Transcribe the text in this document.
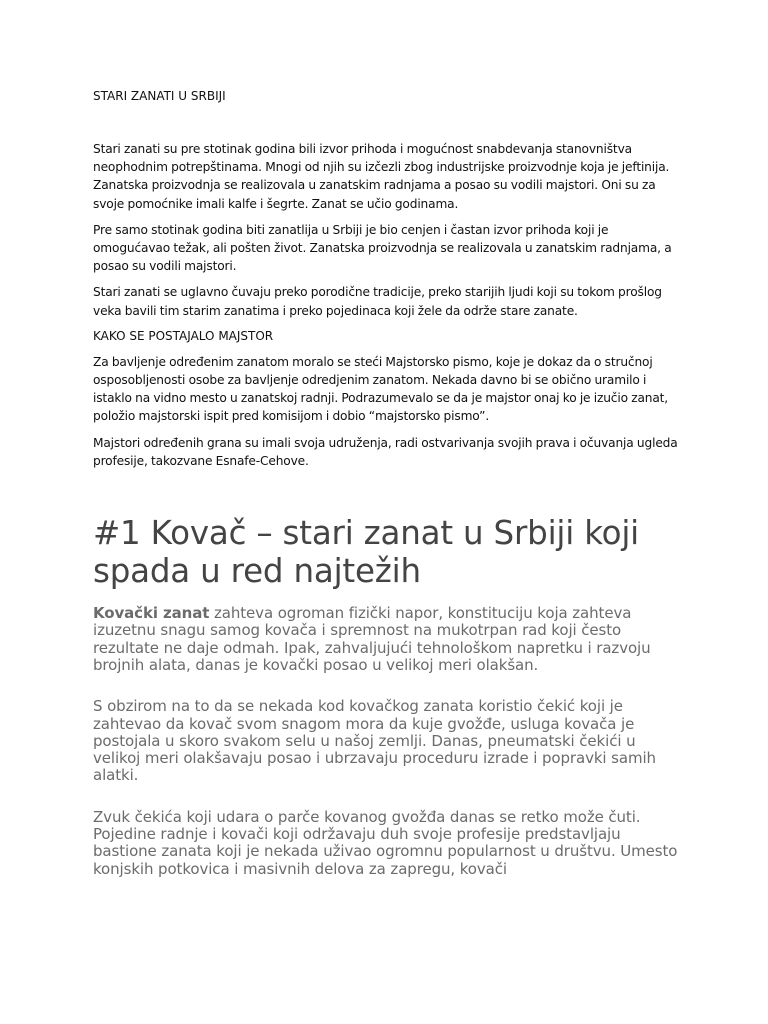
STARI ZANATI U SRBIJI

Stari zanati su pre stotinak godina bili izvor prihoda i mogućnost snabdevanja stanovništva neophodnim potrepštinama. Mnogi od njih su izčezli zbog industrijske proizvodnje koja je jeftinija. Zanatska proizvodnja se realizovala u zanatskim radnjama a posao su vodili majstori. Oni su za svoje pomoćnike imali kalfe i šegrte. Zanat se učio godinama.

Pre samo stotinak godina biti zanatlija u Srbiji je bio cenjen i častan izvor prihoda koji je omogućavao težak, ali pošten život. Zanatska proizvodnja se realizovala u zanatskim radnjama, a posao su vodili majstori.

Stari zanati se uglavno čuvaju preko porodične tradicije, preko starijih ljudi koji su tokom prošlog veka bavili tim starim zanatima i preko pojedinaca koji žele da održe stare zanate.

KAKO SE POSTAJALO MAJSTOR

Za bavljenje određenim zanatom moralo se steći Majstorsko pismo, koje je dokaz da o stručnoj osposobljenosti osobe za bavljenje odredjenim zanatom. Nekada davno bi se obično uramilo i istaklo na vidno mesto u zanatskoj radnji. Podrazumevalo se da je majstor onaj ko je izučio zanat, položio majstorski ispit pred komisijom i dobio “majstorsko pismo”.

Majstori određenih grana su imali svoja udruženja, radi ostvarivanja svojih prava i očuvanja ugleda profesije, takozvane Esnafe-Cehove.

#1 Kovač – stari zanat u Srbiji koji spada u red najtežih

Kovački zanat zahteva ogroman fizički napor, konstituciju koja zahteva izuzetnu snagu samog kovača i spremnost na mukotrpan rad koji često rezultate ne daje odmah. Ipak, zahvaljujući tehnološkom napretku i razvoju brojnih alata, danas je kovački posao u velikoj meri olakšan.

S obzirom na to da se nekada kod kovačkog zanata koristio čekić koji je zahtevao da kovač svom snagom mora da kuje gvožđe, usluga kovača je postojala u skoro svakom selu u našoj zemlji. Danas, pneumatski čekići u velikoj meri olakšavaju posao i ubrzavaju proceduru izrade i popravki samih alatki.

Zvuk čekića koji udara o parče kovanog gvožđa danas se retko može čuti. Pojedine radnje i kovači koji održavaju duh svoje profesije predstavljaju bastione zanata koji je nekada uživao ogromnu popularnost u društvu. Umesto konjskih potkovica i masivnih delova za zapregu, kovači
